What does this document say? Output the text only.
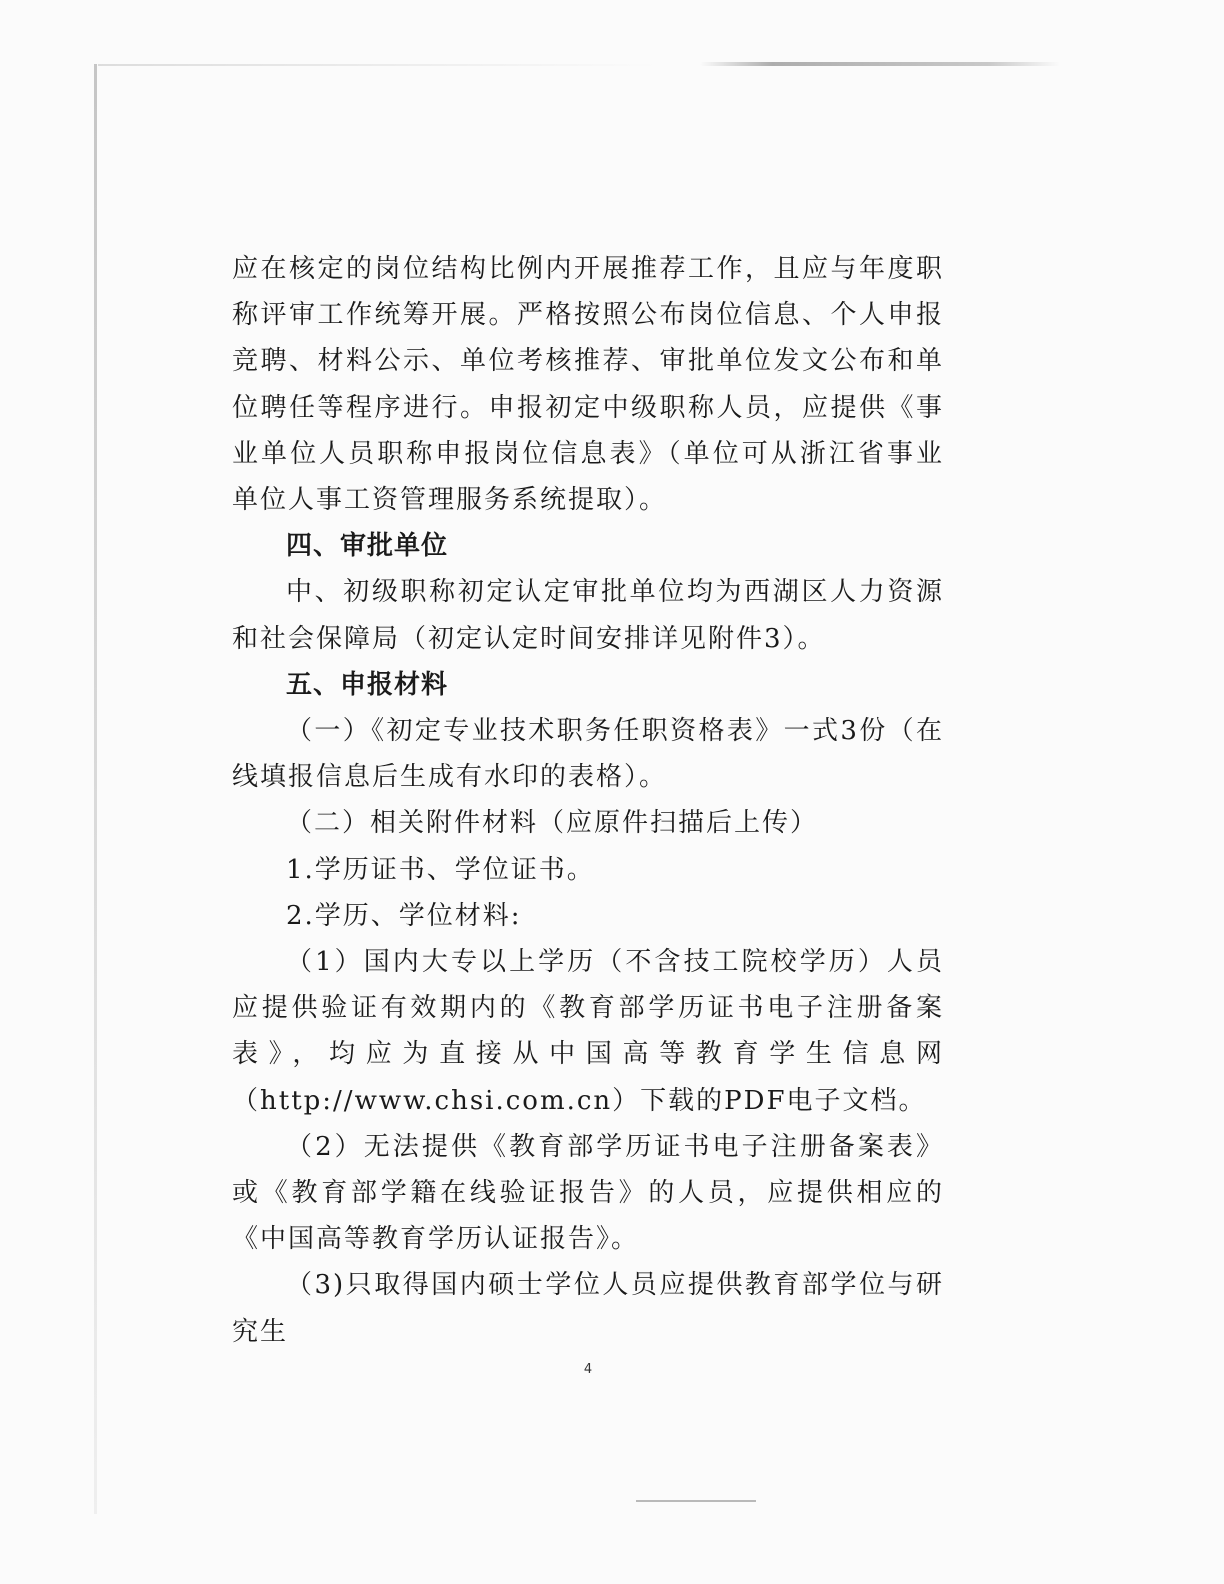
应在核定的岗位结构比例内开展推荐工作，且应与年度职称评审工作统筹开展。严格按照公布岗位信息、个人申报竞聘、材料公示、单位考核推荐、审批单位发文公布和单位聘任等程序进行。申报初定中级职称人员，应提供《事业单位人员职称申报岗位信息表》（单位可从浙江省事业单位人事工资管理服务系统提取）。

四、审批单位

中、初级职称初定认定审批单位均为西湖区人力资源和社会保障局（初定认定时间安排详见附件3）。

五、申报材料

（一）《初定专业技术职务任职资格表》一式3份（在线填报信息后生成有水印的表格）。

（二）相关附件材料（应原件扫描后上传）

1.学历证书、学位证书。

2.学历、学位材料:

（1）国内大专以上学历（不含技工院校学历）人员应提供验证有效期内的《教育部学历证书电子注册备案表》，均应为直接从中国高等教育学生信息网（http://www.chsi.com.cn）下载的PDF电子文档。

（2）无法提供《教育部学历证书电子注册备案表》或《教育部学籍在线验证报告》的人员，应提供相应的《中国高等教育学历认证报告》。

（3)只取得国内硕士学位人员应提供教育部学位与研究生

4
